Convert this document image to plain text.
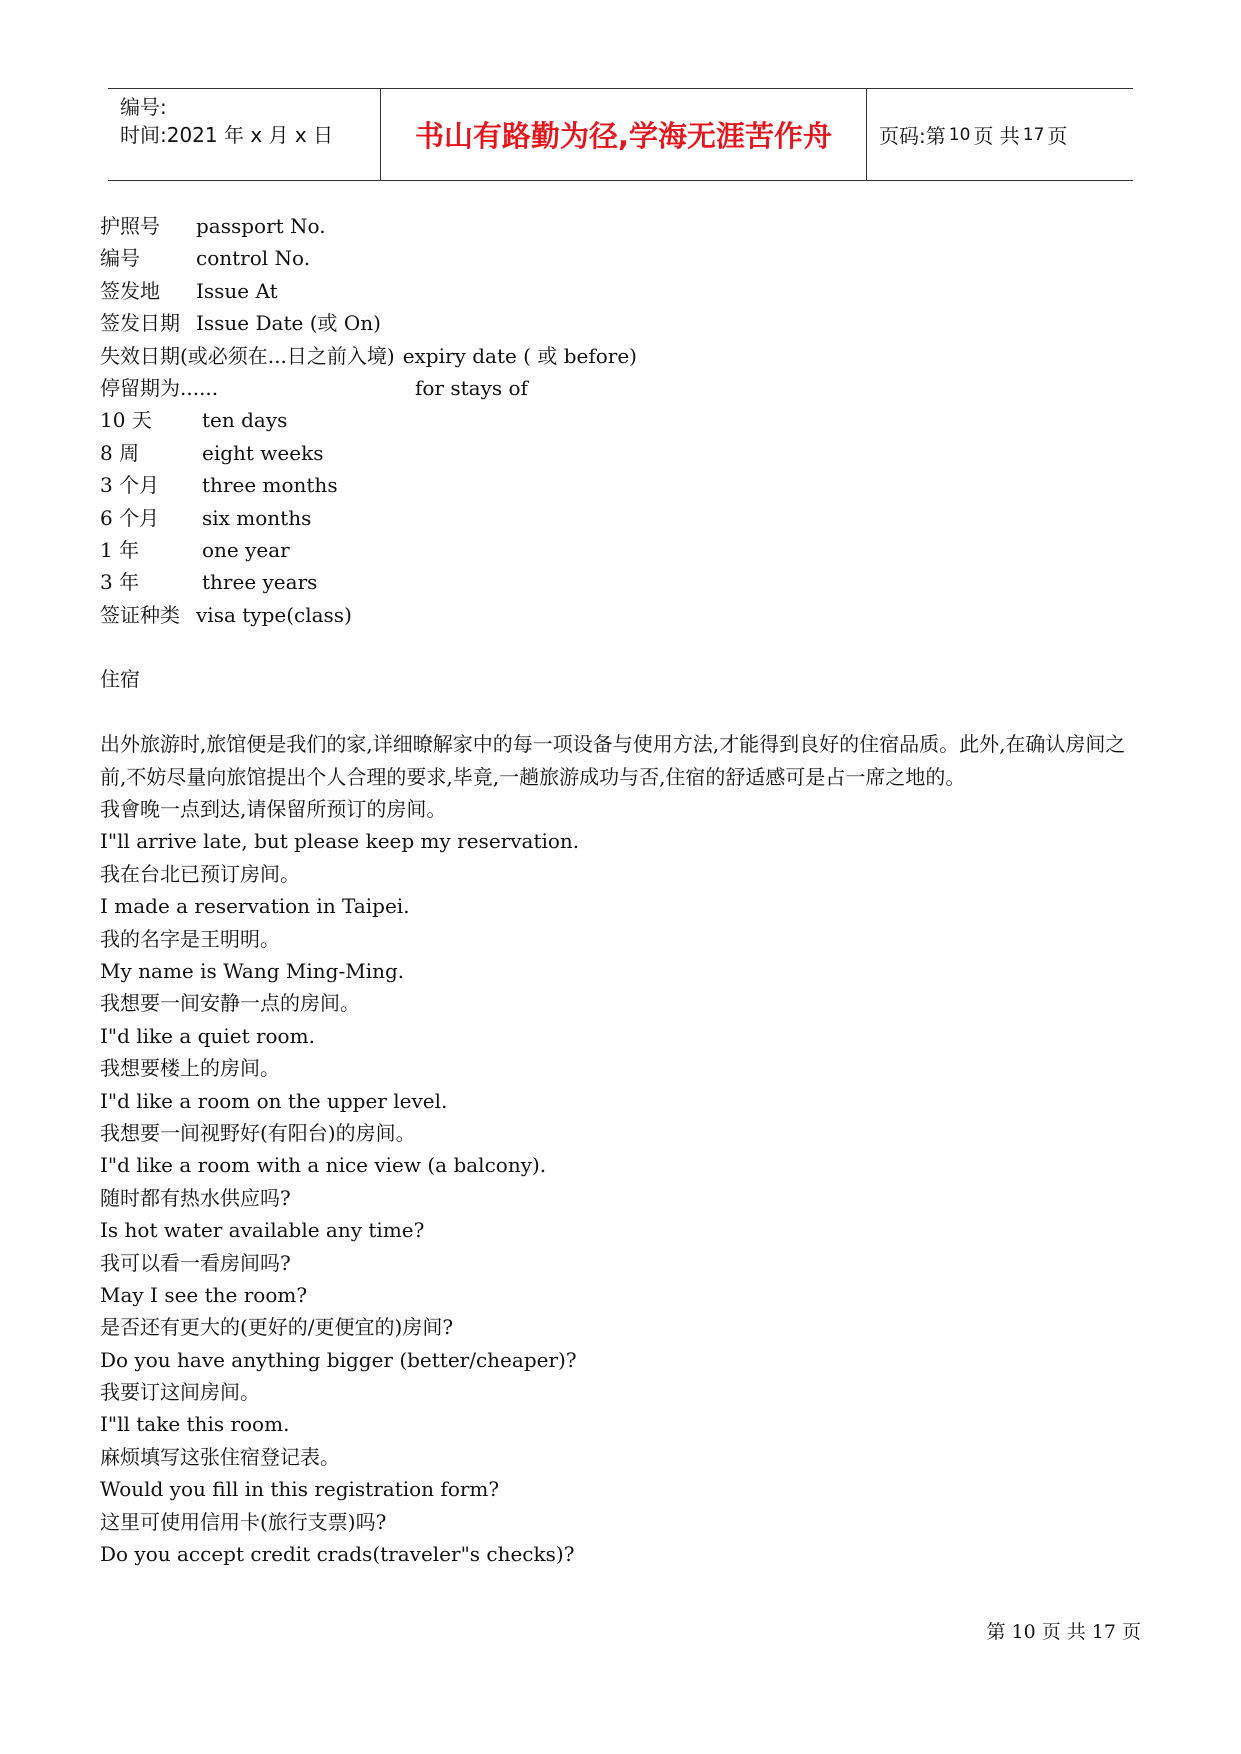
编号:
时间:2021 年 x 月 x 日	书山有路勤为径,学海无涯苦作舟	页码:第 10 页 共 17 页
护照号 passport No.
编号	control No.
签发地 Issue At
签发日期 Issue Date (或 On)
失效日期(或必须在...日之前入境) expiry date ( 或 before)
停留期为......	for stays of
10 天	ten days
8 周	eight weeks
3 个月 three months
6 个月 six months
1 年	one year
3 年	three years
签证种类 visa type(class)
住宿
出外旅游时,旅馆便是我们的家,详细暸解家中的每一项设备与使用方法,才能得到良好的住宿品质。此外,在确认房间之前,不妨尽量向旅馆提出个人合理的要求,毕竟,一趟旅游成功与否,住宿的舒适感可是占一席之地的。
我會晚一点到达,请保留所预订的房间。
I"ll arrive late, but please keep my reservation.
我在台北已预订房间。
I made a reservation in Taipei.
我的名字是王明明。
My name is Wang Ming-Ming.
我想要一间安静一点的房间。
I"d like a quiet room.
我想要楼上的房间。
I"d like a room on the upper level.
我想要一间视野好(有阳台)的房间。
I"d like a room with a nice view (a balcony).
随时都有热水供应吗?
Is hot water available any time?
我可以看一看房间吗?
May I see the room?
是否还有更大的(更好的/更便宜的)房间?
Do you have anything bigger (better/cheaper)?
我要订这间房间。
I"ll take this room.
麻烦填写这张住宿登记表。
Would you fill in this registration form?
这里可使用信用卡(旅行支票)吗?
Do you accept credit crads(traveler"s checks)?
第 10 页 共 17 页
